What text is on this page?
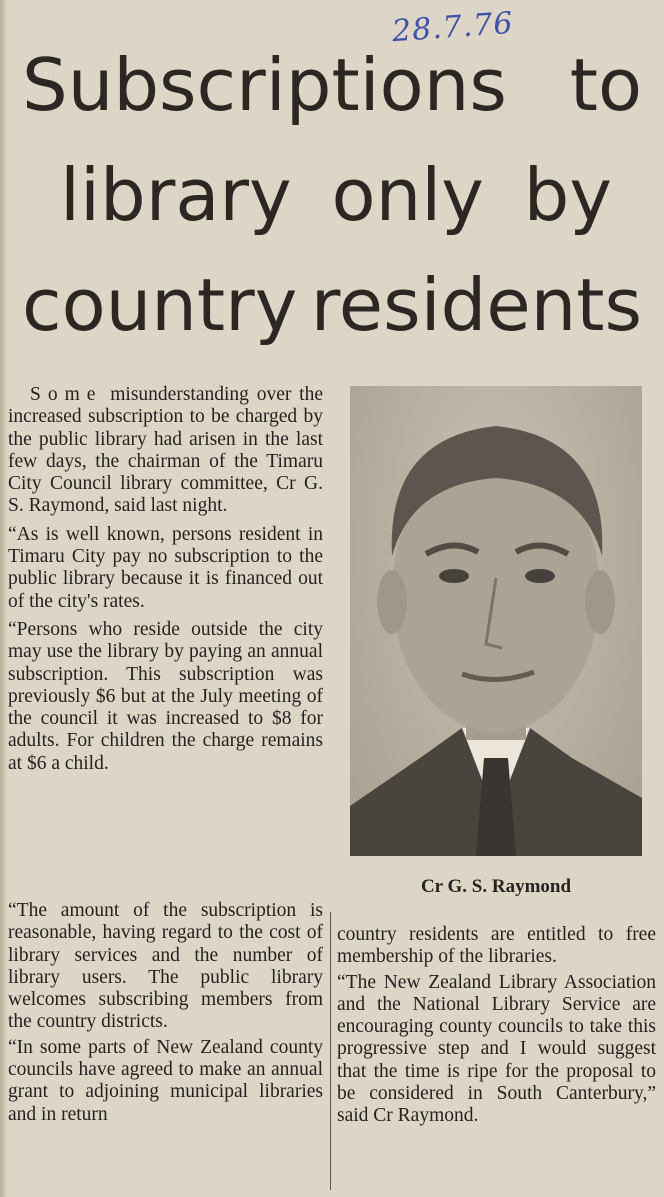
28.7.76
Subscriptions to
library only by
country residents

Some misunderstanding over the increased subscription to be charged by the public library had arisen in the last few days, the chairman of the Timaru City Council library committee, Cr G. S. Raymond, said last night.

“As is well known, persons resident in Timaru City pay no subscription to the public library because it is financed out of the city's rates.

“Persons who reside outside the city may use the library by paying an annual subscription. This subscription was previously $6 but at the July meeting of the council it was increased to $8 for adults. For children the charge remains at $6 a child.

Cr G. S. Raymond

“The amount of the subscription is reasonable, having regard to the cost of library services and the number of library users. The public library welcomes subscribing members from the country districts.

“In some parts of New Zealand county councils have agreed to make an annual grant to adjoining municipal libraries and in return

country residents are entitled to free membership of the libraries.

“The New Zealand Library Association and the National Library Service are encouraging county councils to take this progressive step and I would suggest that the time is ripe for the proposal to be considered in South Canterbury,” said Cr Raymond.
